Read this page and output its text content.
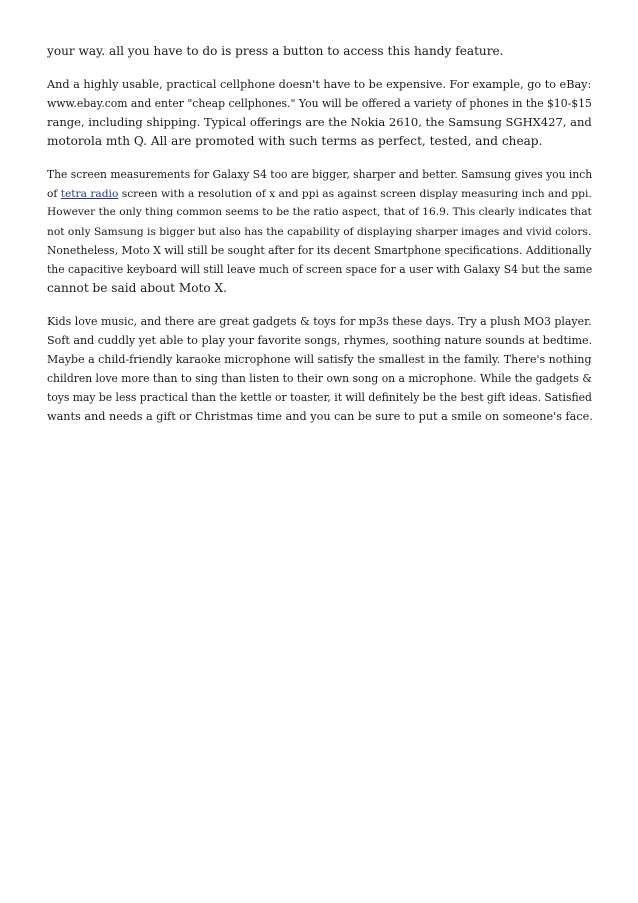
your way. all you have to do is press a button to access this handy feature.

And a highly usable, practical cellphone doesn't have to be expensive. For example, go to eBay:
www.ebay.com and enter "cheap cellphones." You will be offered a variety of phones in the $10-$15
range, including shipping. Typical offerings are the Nokia 2610, the Samsung SGHX427, and
motorola mth Q. All are promoted with such terms as perfect, tested, and cheap.

The screen measurements for Galaxy S4 too are bigger, sharper and better. Samsung gives you inch
of tetra radio screen with a resolution of x and ppi as against screen display measuring inch and ppi.
However the only thing common seems to be the ratio aspect, that of 16.9. This clearly indicates that
not only Samsung is bigger but also has the capability of displaying sharper images and vivid colors.
Nonetheless, Moto X will still be sought after for its decent Smartphone specifications. Additionally
the capacitive keyboard will still leave much of screen space for a user with Galaxy S4 but the same
cannot be said about Moto X.

Kids love music, and there are great gadgets & toys for mp3s these days. Try a plush MO3 player.
Soft and cuddly yet able to play your favorite songs, rhymes, soothing nature sounds at bedtime.
Maybe a child-friendly karaoke microphone will satisfy the smallest in the family. There's nothing
children love more than to sing than listen to their own song on a microphone. While the gadgets &
toys may be less practical than the kettle or toaster, it will definitely be the best gift ideas. Satisfied
wants and needs a gift or Christmas time and you can be sure to put a smile on someone's face.
